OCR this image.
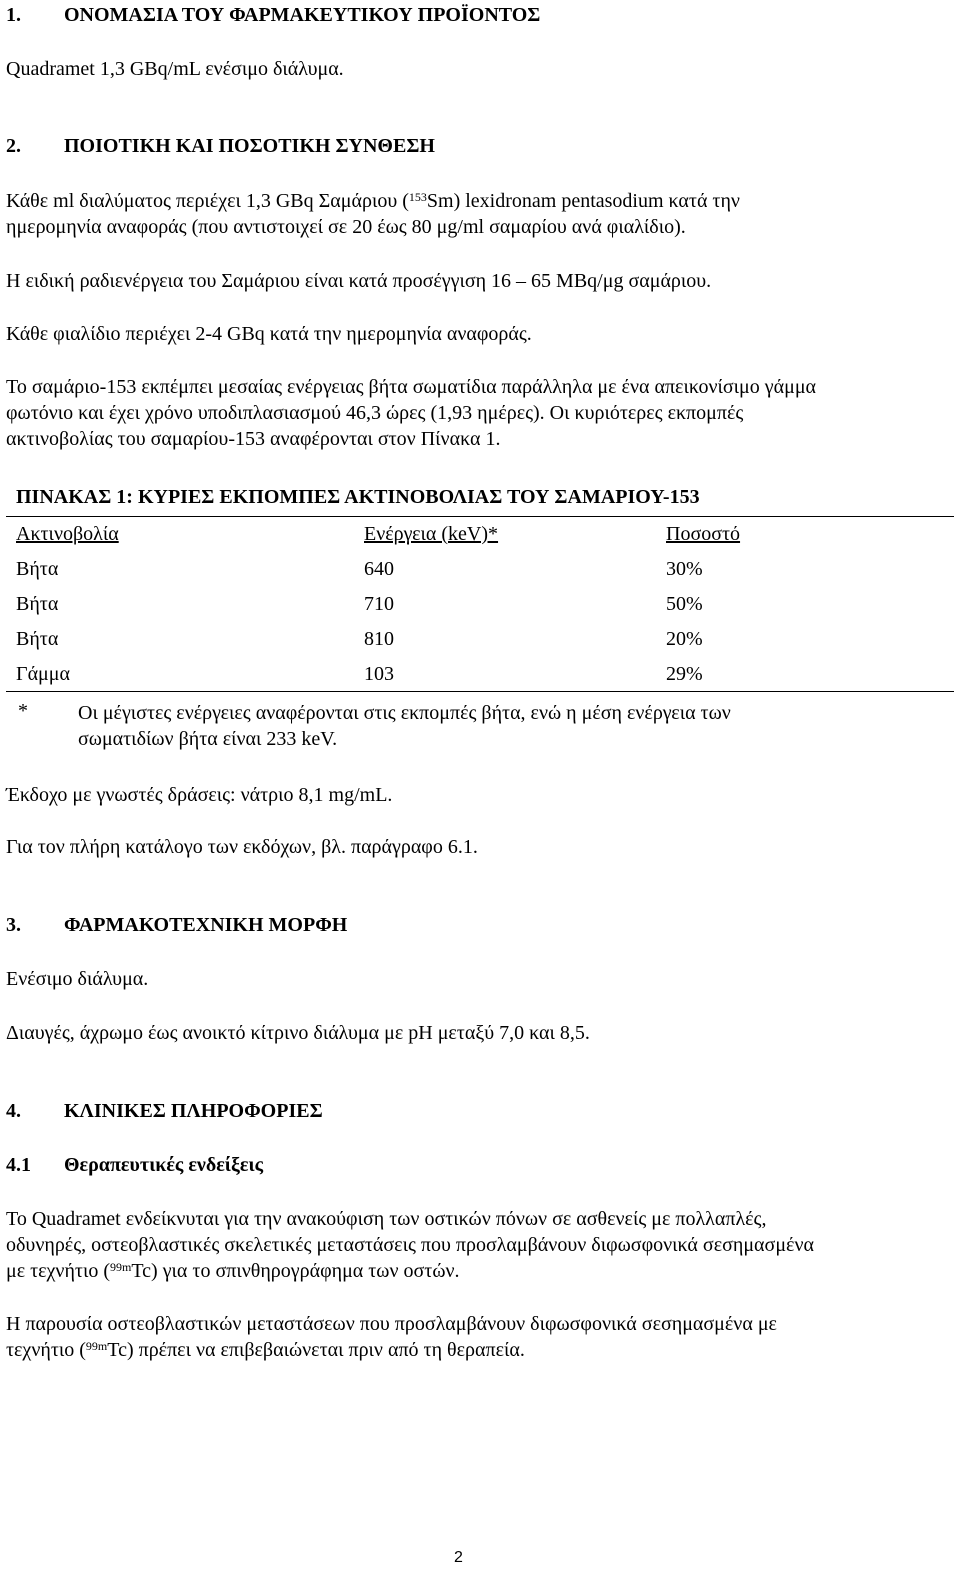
1. ΟΝΟΜΑΣΙΑ ΤΟΥ ΦΑΡΜΑΚΕΥΤΙΚΟΥ ΠΡΟΪΟΝΤΟΣ
Quadramet 1,3 GBq/mL ενέσιμο διάλυμα.
2. ΠΟΙΟΤΙΚΗ ΚΑΙ ΠΟΣΟΤΙΚΗ ΣΥΝΘΕΣΗ
Κάθε ml διαλύματος περιέχει 1,3 GBq Σαμάριου ($^{153}$Sm) lexidronam pentasodium κατά την
ημερομηνία αναφοράς (που αντιστοιχεί σε 20 έως 80 μg/ml σαμαρίου ανά φιαλίδιο).
Η ειδική ραδιενέργεια του Σαμάριου είναι κατά προσέγγιση 16 – 65 MBq/μg σαμάριου.
Κάθε φιαλίδιο περιέχει 2-4 GBq κατά την ημερομηνία αναφοράς.
Το σαμάριο-153 εκπέμπει μεσαίας ενέργειας βήτα σωματίδια παράλληλα με ένα απεικονίσιμο γάμμα
φωτόνιο και έχει χρόνο υποδιπλασιασμού 46,3 ώρες (1,93 ημέρες). Οι κυριότερες εκπομπές
ακτινοβολίας του σαμαρίου-153 αναφέρονται στον Πίνακα 1.
ΠΙΝΑΚΑΣ 1: ΚΥΡΙΕΣ ΕΚΠΟΜΠΕΣ ΑΚΤΙΝΟΒΟΛΙΑΣ ΤΟΥ ΣΑΜΑΡΙΟΥ-153
Ακτινοβολία	Ενέργεια (keV)*	Ποσοστό
Βήτα	640	30%
Βήτα	710	50%
Βήτα	810	20%
Γάμμα	103	29%
*	Οι μέγιστες ενέργειες αναφέρονται στις εκπομπές βήτα, ενώ η μέση ενέργεια των
σωματιδίων βήτα είναι 233 keV.
Έκδοχο με γνωστές δράσεις: νάτριο 8,1 mg/mL.
Για τον πλήρη κατάλογο των εκδόχων, βλ. παράγραφο 6.1.
3. ΦΑΡΜΑΚΟΤΕΧΝΙΚΗ ΜΟΡΦΗ
Ενέσιμο διάλυμα.
Διαυγές, άχρωμο έως ανοικτό κίτρινο διάλυμα με pH μεταξύ 7,0 και 8,5.
4. ΚΛΙΝΙΚΕΣ ΠΛΗΡΟΦΟΡΙΕΣ
4.1 Θεραπευτικές ενδείξεις
Το Quadramet ενδείκνυται για την ανακούφιση των οστικών πόνων σε ασθενείς με πολλαπλές,
οδυνηρές, οστεοβλαστικές σκελετικές μεταστάσεις που προσλαμβάνουν διφωσφονικά σεσημασμένα
με τεχνήτιο ($^{99m}$Tc) για το σπινθηρογράφημα των οστών.
Η παρουσία οστεοβλαστικών μεταστάσεων που προσλαμβάνουν διφωσφονικά σεσημασμένα με
τεχνήτιο ($^{99m}$Tc) πρέπει να επιβεβαιώνεται πριν από τη θεραπεία.
2
